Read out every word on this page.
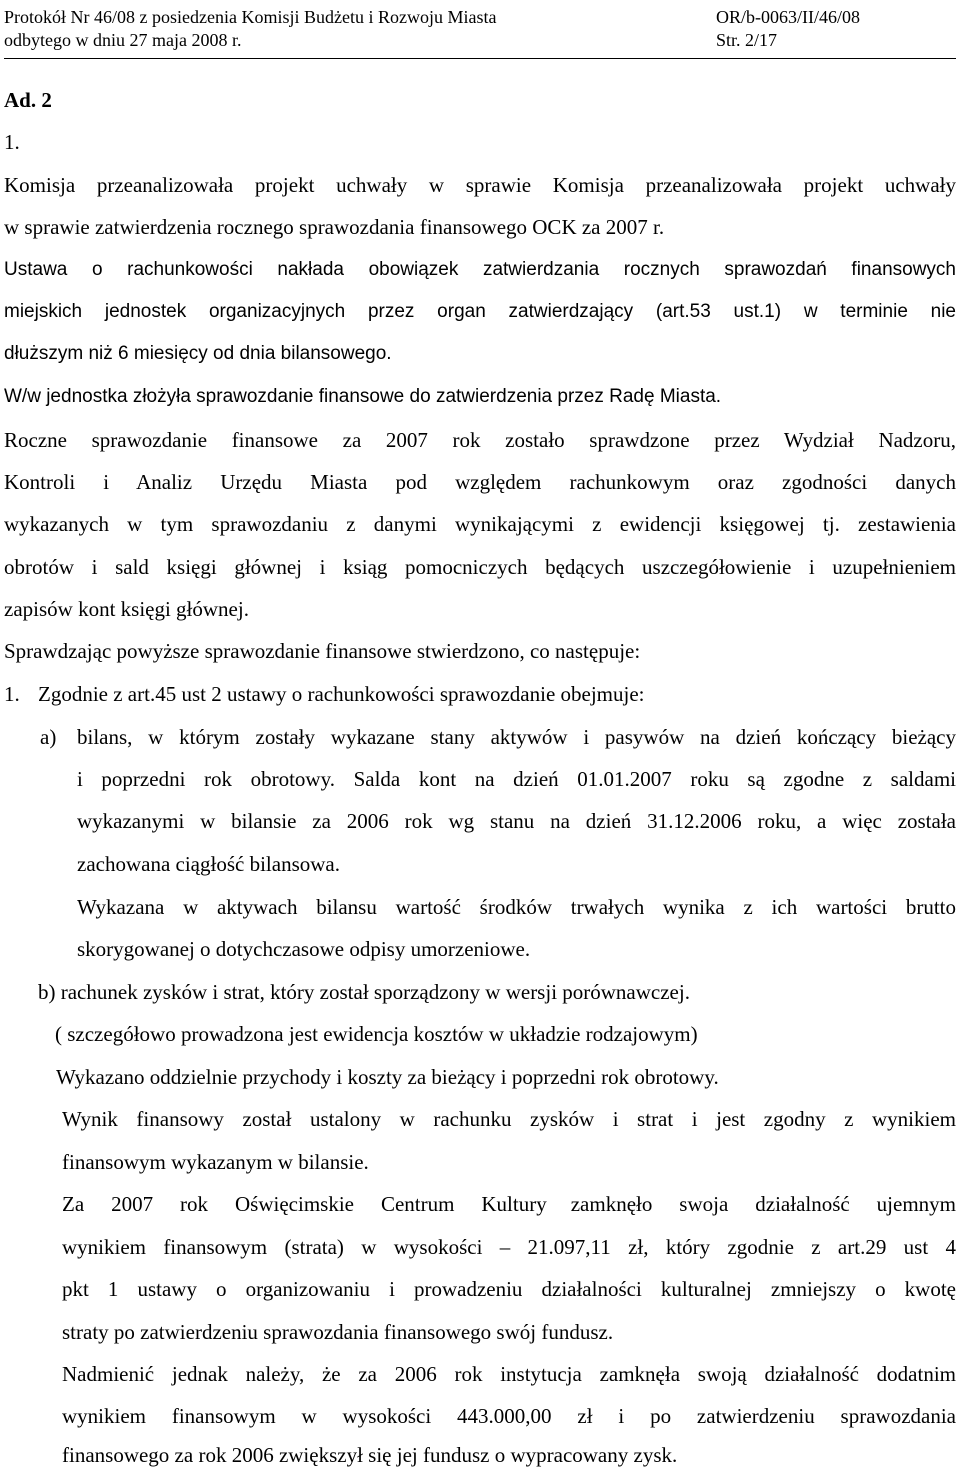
Protokół Nr 46/08 z posiedzenia Komisji Budżetu i Rozwoju Miasta	OR/b-0063/II/46/08
odbytego w dniu 27 maja 2008 r.	Str. 2/17
Ad. 2
1.
Komisja przeanalizowała projekt uchwały w sprawie Komisja przeanalizowała projekt uchwały
w sprawie zatwierdzenia rocznego sprawozdania finansowego OCK za 2007 r.
Ustawa o rachunkowości nakłada obowiązek zatwierdzania rocznych sprawozdań finansowych
miejskich jednostek organizacyjnych przez organ zatwierdzający (art.53 ust.1) w terminie nie
dłuższym niż 6 miesięcy od dnia bilansowego.
W/w jednostka złożyła sprawozdanie finansowe do zatwierdzenia przez Radę Miasta.
Roczne sprawozdanie finansowe za 2007 rok zostało sprawdzone przez Wydział Nadzoru,
Kontroli i Analiz Urzędu Miasta pod względem rachunkowym oraz zgodności danych
wykazanych w tym sprawozdaniu z danymi wynikającymi z ewidencji księgowej tj. zestawienia
obrotów i sald księgi głównej i ksiąg pomocniczych będących uszczegółowienie i uzupełnieniem
zapisów kont księgi głównej.
Sprawdzając powyższe sprawozdanie finansowe stwierdzono, co następuje:
1. Zgodnie z art.45 ust 2 ustawy o rachunkowości sprawozdanie obejmuje:
a) bilans, w którym zostały wykazane stany aktywów i pasywów na dzień kończący bieżący
i poprzedni rok obrotowy. Salda kont na dzień 01.01.2007 roku są zgodne z saldami
wykazanymi w bilansie za 2006 rok wg stanu na dzień 31.12.2006 roku, a więc została
zachowana ciągłość bilansowa.
Wykazana w aktywach bilansu wartość środków trwałych wynika z ich wartości brutto
skorygowanej o dotychczasowe odpisy umorzeniowe.
b) rachunek zysków i strat, który został sporządzony w wersji porównawczej.
( szczegółowo prowadzona jest ewidencja kosztów w układzie rodzajowym)
Wykazano oddzielnie przychody i koszty za bieżący i poprzedni rok obrotowy.
Wynik finansowy został ustalony w rachunku zysków i strat i jest zgodny z wynikiem
finansowym wykazanym w bilansie.
Za 2007 rok Oświęcimskie Centrum Kultury zamknęło swoja działalność ujemnym
wynikiem finansowym (strata) w wysokości – 21.097,11 zł, który zgodnie z art.29 ust 4
pkt 1 ustawy o organizowaniu i prowadzeniu działalności kulturalnej zmniejszy o kwotę
straty po zatwierdzeniu sprawozdania finansowego swój fundusz.
Nadmienić jednak należy, że za 2006 rok instytucja zamknęła swoją działalność dodatnim
wynikiem finansowym w wysokości 443.000,00 zł i po zatwierdzeniu sprawozdania
finansowego za rok 2006 zwiększył się jej fundusz o wypracowany zysk.
